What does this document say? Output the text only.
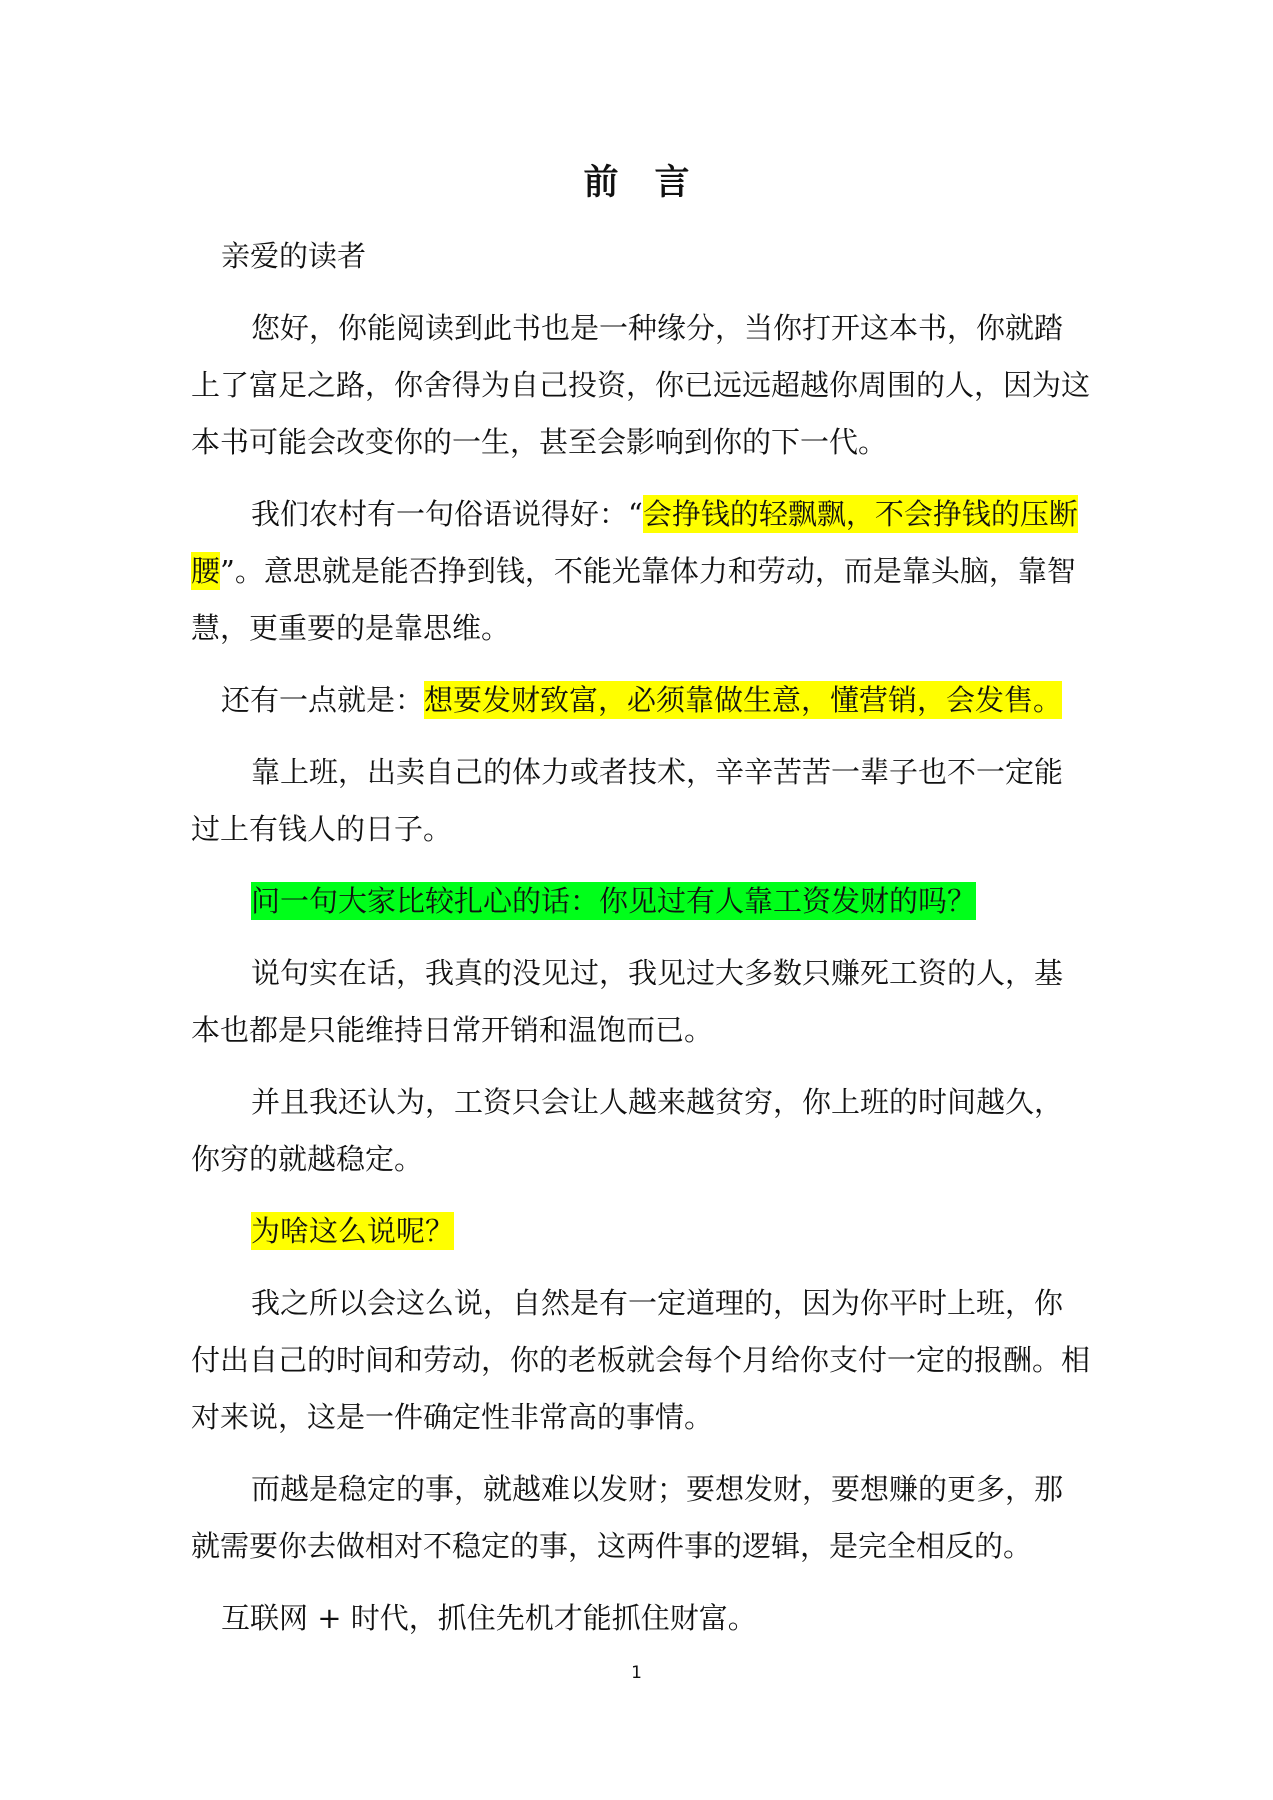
前 言

亲爱的读者

您好，你能阅读到此书也是一种缘分，当你打开这本书，你就踏上了富足之路，你舍得为自己投资，你已远远超越你周围的人，因为这本书可能会改变你的一生，甚至会影响到你的下一代。

我们农村有一句俗语说得好：“会挣钱的轻飘飘，不会挣钱的压断腰”。意思就是能否挣到钱，不能光靠体力和劳动，而是靠头脑，靠智慧，更重要的是靠思维。

还有一点就是：想要发财致富，必须靠做生意，懂营销，会发售。

靠上班，出卖自己的体力或者技术，辛辛苦苦一辈子也不一定能过上有钱人的日子。

问一句大家比较扎心的话：你见过有人靠工资发财的吗？

说句实在话，我真的没见过，我见过大多数只赚死工资的人，基本也都是只能维持日常开销和温饱而已。

并且我还认为，工资只会让人越来越贫穷，你上班的时间越久，你穷的就越稳定。

为啥这么说呢？

我之所以会这么说，自然是有一定道理的，因为你平时上班，你付出自己的时间和劳动，你的老板就会每个月给你支付一定的报酬。相对来说，这是一件确定性非常高的事情。

而越是稳定的事，就越难以发财；要想发财，要想赚的更多，那就需要你去做相对不稳定的事，这两件事的逻辑，是完全相反的。

互联网 + 时代，抓住先机才能抓住财富。

1
